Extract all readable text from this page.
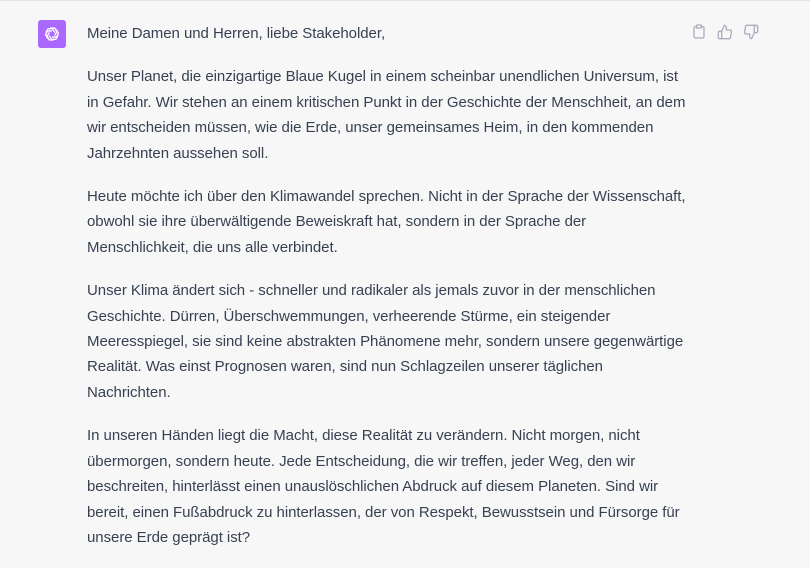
Meine Damen und Herren, liebe Stakeholder,

Unser Planet, die einzigartige Blaue Kugel in einem scheinbar unendlichen Universum, ist in Gefahr. Wir stehen an einem kritischen Punkt in der Geschichte der Menschheit, an dem wir entscheiden müssen, wie die Erde, unser gemeinsames Heim, in den kommenden Jahrzehnten aussehen soll.

Heute möchte ich über den Klimawandel sprechen. Nicht in der Sprache der Wissenschaft, obwohl sie ihre überwältigende Beweiskraft hat, sondern in der Sprache der Menschlichkeit, die uns alle verbindet.

Unser Klima ändert sich - schneller und radikaler als jemals zuvor in der menschlichen Geschichte. Dürren, Überschwemmungen, verheerende Stürme, ein steigender Meeresspiegel, sie sind keine abstrakten Phänomene mehr, sondern unsere gegenwärtige Realität. Was einst Prognosen waren, sind nun Schlagzeilen unserer täglichen Nachrichten.

In unseren Händen liegt die Macht, diese Realität zu verändern. Nicht morgen, nicht übermorgen, sondern heute. Jede Entscheidung, die wir treffen, jeder Weg, den wir beschreiten, hinterlässt einen unauslöschlichen Abdruck auf diesem Planeten. Sind wir bereit, einen Fußabdruck zu hinterlassen, der von Respekt, Bewusstsein und Fürsorge für unsere Erde geprägt ist?
